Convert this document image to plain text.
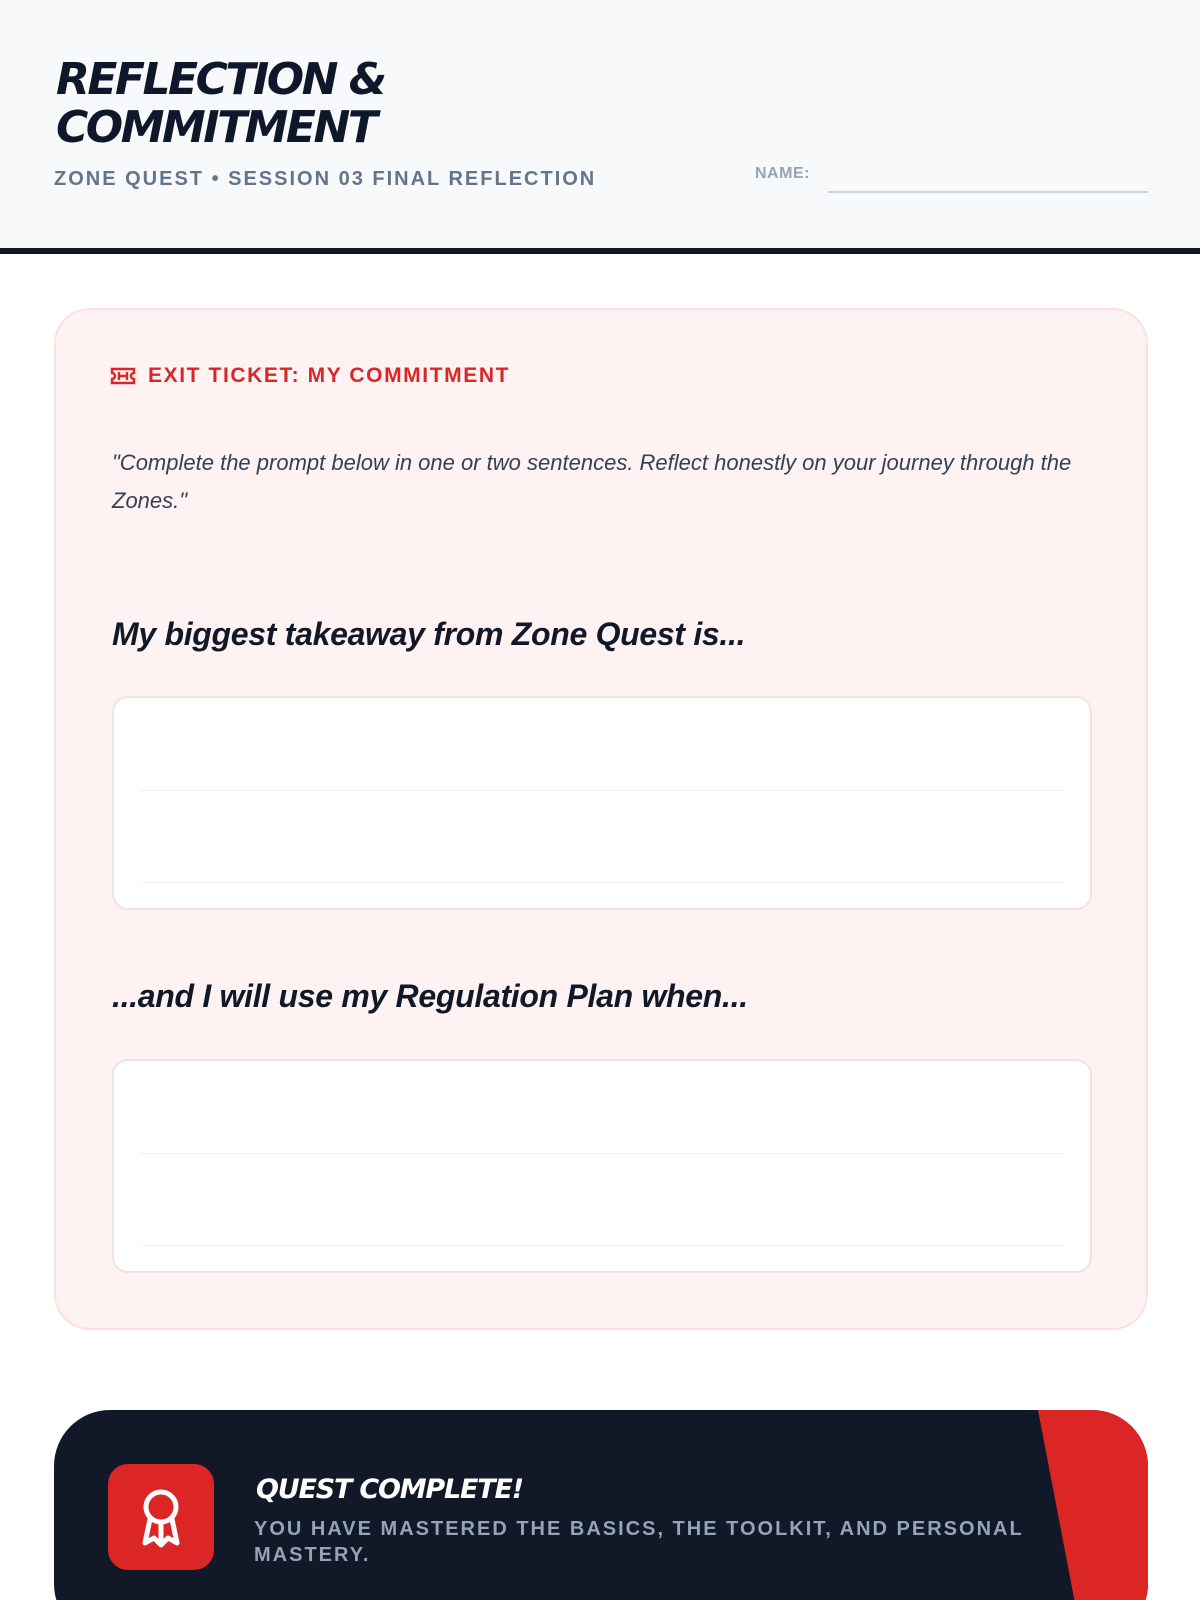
REFLECTION &
COMMITMENT
ZONE QUEST • SESSION 03 FINAL REFLECTION	NAME:
EXIT TICKET: MY COMMITMENT

"Complete the prompt below in one or two sentences. Reflect honestly on your journey through the Zones."

My biggest takeaway from Zone Quest is...
...and I will use my Regulation Plan when...
QUEST COMPLETE!
YOU HAVE MASTERED THE BASICS, THE TOOLKIT, AND PERSONAL MASTERY.
